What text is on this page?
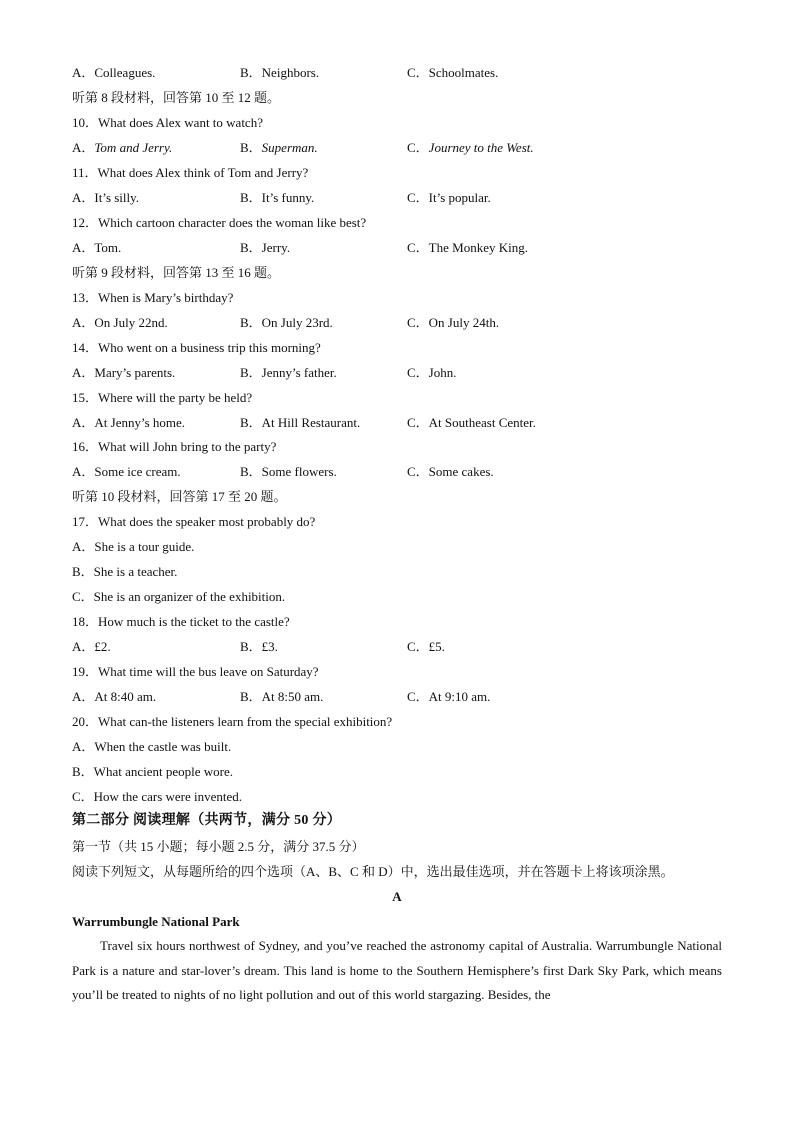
A．Colleagues.	B．Neighbors.	C．Schoolmates.
听第 8 段材料，回答第 10 至 12 题。
10．What does Alex want to watch?
A．Tom and Jerry.	B．Superman.	C．Journey to the West.
11．What does Alex think of Tom and Jerry?
A．It’s silly.	B．It’s funny.	C．It’s popular.
12．Which cartoon character does the woman like best?
A．Tom.	B．Jerry.	C．The Monkey King.
听第 9 段材料，回答第 13 至 16 题。
13．When is Mary’s birthday?
A．On July 22nd.	B．On July 23rd.	C．On July 24th.
14．Who went on a business trip this morning?
A．Mary’s parents.	B．Jenny’s father.	C．John.
15．Where will the party be held?
A．At Jenny’s home.	B．At Hill Restaurant.	C．At Southeast Center.
16．What will John bring to the party?
A．Some ice cream.	B．Some flowers.	C．Some cakes.
听第 10 段材料，回答第 17 至 20 题。
17．What does the speaker most probably do?
A．She is a tour guide.
B．She is a teacher.
C．She is an organizer of the exhibition.
18．How much is the ticket to the castle?
A．£2.	B．£3.	C．£5.
19．What time will the bus leave on Saturday?
A．At 8:40 am.	B．At 8:50 am.	C．At 9:10 am.
20．What can-the listeners learn from the special exhibition?
A．When the castle was built.
B．What ancient people wore.
C．How the cars were invented.
第二部分 阅读理解（共两节，满分 50 分）
第一节（共 15 小题；每小题 2.5 分，满分 37.5 分）
阅读下列短文，从每题所给的四个选项（A、B、C 和 D）中，选出最佳选项，并在答题卡上将该项涂黑。
A
Warrumbungle National Park
Travel six hours northwest of Sydney, and you’ve reached the astronomy capital of Australia. Warrumbungle National Park is a nature and star-lover’s dream. This land is home to the Southern Hemisphere’s first Dark Sky Park, which means you’ll be treated to nights of no light pollution and out of this world stargazing. Besides, the
